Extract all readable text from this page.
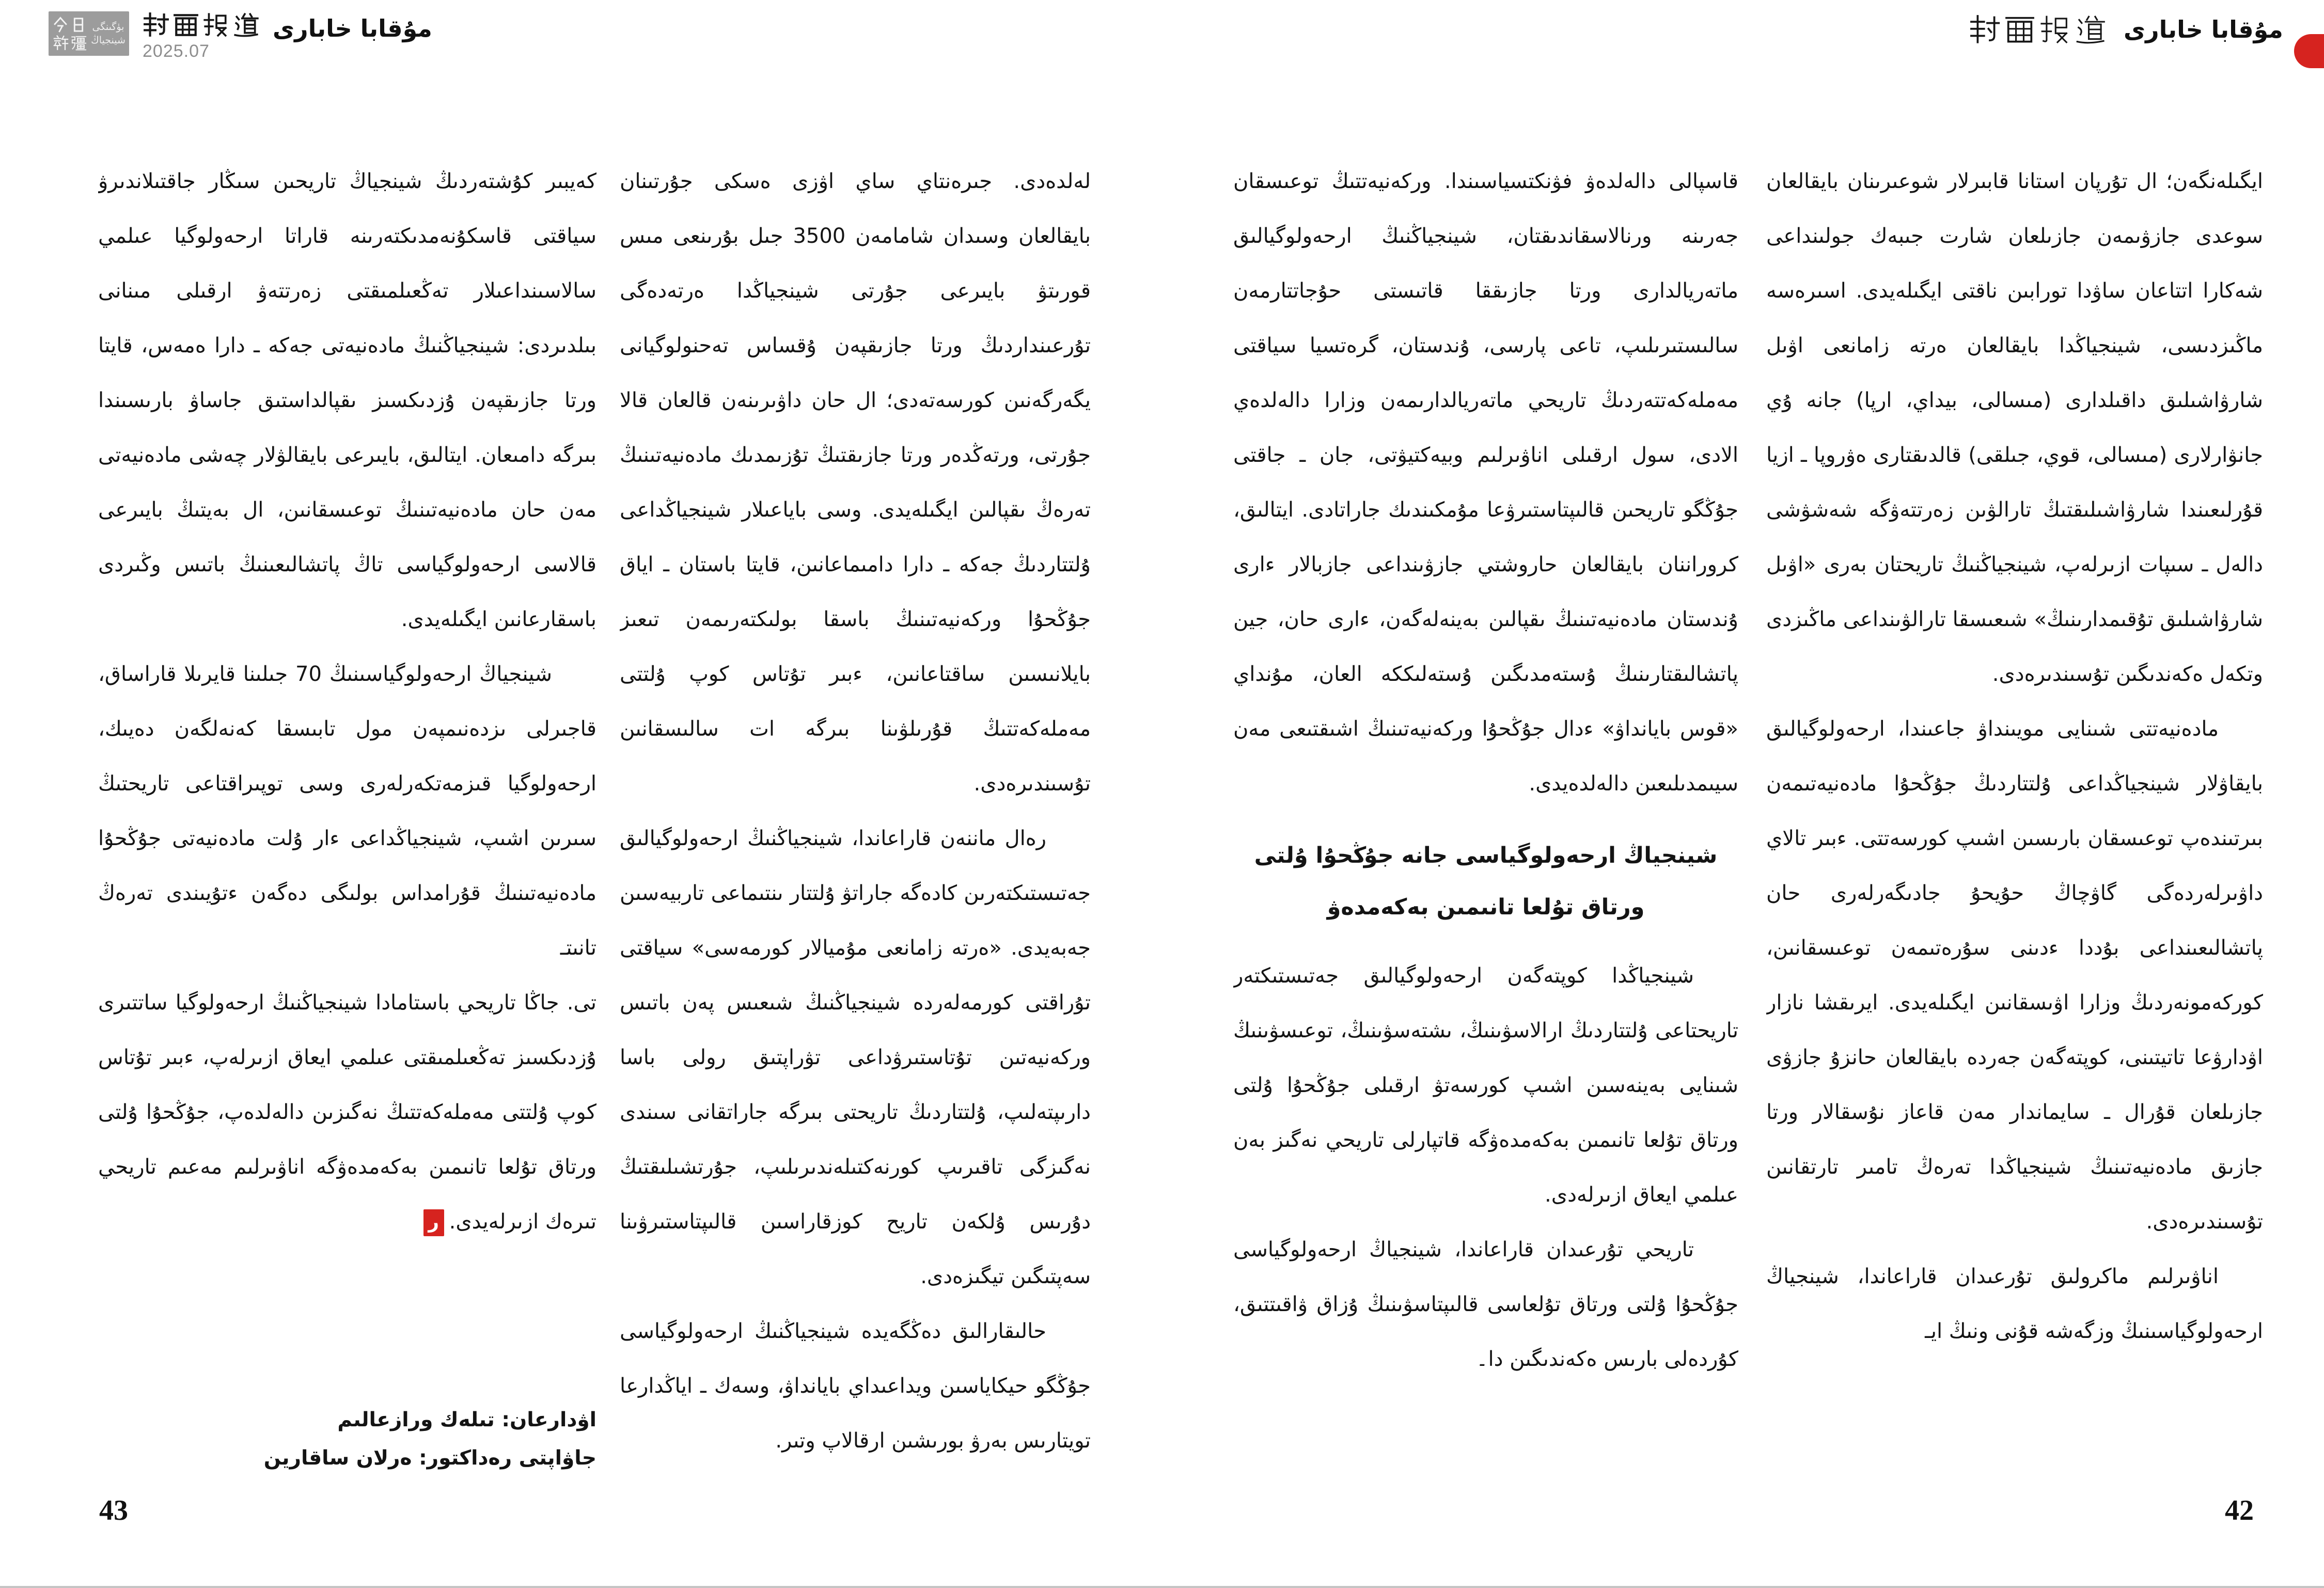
بۈگىنگى
شينجياڭ
2025.07
مۇقابا خابارى	مۇقابا خابارى

ايگىلەنگەن؛ ال تۇرپان استانا قابىرلار شوعىرىنان بايقالعان سوعدى جازۋىمەن جازىلعان شارت جىبەك جولىنداعى شەكارا اتتاعان ساۋدا تورابىن ناقتى ايگىلەيدى. اسىرەسە ماڭىزدىسى، شينجياڭدا بايقالعان ەرتە زامانعى اۋىل شارۋاشىلىق داقىلدارى (مىسالى، بيداي، ارپا) جانە ۇي جانۋارلارى (مىسالى، قوي، جىلقى) قالدىقتارى ەۋروپا ـ ازيا قۇرلىعىندا شارۋاشىلىقتىڭ تارالۋىن زەرتتەۋگە شەشۋشى دالەل ـ سىپات ازىرلەپ، شينجياڭنىڭ تاريحتان بەرى «اۋىل شارۋاشىلىق تۇقىمدارىنىڭ» شىعىسقا تارالۋىنداعى ماڭىزدى وتكەل ەكەندىگىن تۇسىندىرەدى.

مادەنيەتتى شىنايى مويىنداۋ جاعىندا، ارحەولوگيالىق بايقاۋلار شينجياڭداعى ۇلتتاردىڭ جۇڭحۇا مادەنيەتىمەن بىرتىندەپ توعىسقان بارىسىن اشىپ كورسەتتى. ءبىر تالاي داۋىرلەردەگى گاۋچاڭ حۇيحۇ جادىگەرلەرى حان پاتشالىعىنداعى بۇددا ءدىنى سۇرەتىمەن توعىسقانىن، كوركەمونەردىڭ وزارا اۋىسقانىن ايگىلەيدى. ايرىقشا نازار اۋدارۋعا تاتيتىنى، كوپتەگەن جەردە بايقالعان حانزۇ جازۋى جازىلعان قۇرال ـ سايماندار مەن قاعاز نۇسقالار ورتا جازىق مادەنيەتىنىڭ شينجياڭدا تەرەڭ تامىر تارتقانىن تۇسىندىرەدى.

اناۋىرلىم ماكرولىق تۇرعىدان قاراعاندا، شينجياڭ ارحەولوگياسىنىڭ وزگەشە قۇنى ونىڭ ايـ

قاسپالى دالەلدەۋ فۋنكتسياسىندا. وركەنيەتتىڭ توعىسقان جەرىنە ورنالاسقاندىقتان، شينجياڭنىڭ ارحەولوگيالىق ماتەريالدارى ورتا جازىققا قاتىستى حۇجاتتارمەن سالىستىرىلىپ، تاعى پارسى، ۇندستان، گرەتسيا سياقتى مەملەكەتتەردىڭ تاريحي ماتەريالدارىمەن وزارا دالەلدەي الادى، سول ارقىلى اناۋىرلىم وبيەكتيۋتى، جان ـ جاقتى جۇڭگو تاريحىن قالىپتاستىرۋعا مۇمكىندىك جاراتادى. ايتالىق، كروراننان بايقالعان حاروشتي جازۋىنداعى جازبالار ءارى ۇندستان مادەنيەتىنىڭ ىقپالىن بەينەلەگەن، ءارى حان، جين پاتشالىقتارىنىڭ ۇستەمدىگىن ۇستەلىككە العان، مۇنداي «قوس بايانداۋ» ءدال جۇڭحۇا وركەنيەتىنىڭ اشىقتىعى مەن سيىمدىلىعىن دالەلدەيدى.

شينجياڭ ارحەولوگياسى جانە جۇڭحۇا ۇلتى
ورتاق تۇلعا تانىمىن بەكەمدەۋ

شينجياڭدا كوپتەگەن ارحەولوگيالىق جەتىستىكتەر تاريحتاعى ۇلتتاردىڭ ارالاسۋىنىڭ، ىشتەسۋىنىڭ، توعىسۋىنىڭ شىنايى بەينەسىن اشىپ كورسەتۋ ارقىلى جۇڭحۇا ۇلتى ورتاق تۇلعا تانىمىن بەكەمدەۋگە قاتپارلى تاريحي نەگىز بەن عىلمي ايعاق ازىرلەدى.

تاريحي تۇرعىدان قاراعاندا، شينجياڭ ارحەولوگياسى جۇڭحۇا ۇلتى ورتاق تۇلعاسى قالىپتاسۋىنىڭ ۇزاق ۋاقىتتىق، كۇردەلى بارىس ەكەندىگىن دا۔

لەلدەدى. جىرەنتاي ساي اۋزى ەسكى جۇرتىنان بايقالعان وسىدان شامامەن 3500 جىل بۇرىنعى مىس قورىتۋ بايىرعى جۇرتى شينجياڭدا ەرتەدەگى تۇرعىنداردىڭ ورتا جازىقپەن ۇقساس تەحنولوگيانى يگەرگەنىن كورسەتەدى؛ ال حان داۋىرىنەن قالعان قالا جۇرتى، ورتەڭدەر ورتا جازىقتىڭ تۇزىمدىك مادەنيەتىنىڭ تەرەڭ ىقپالىن ايگىلەيدى. وسى باياعىلار شينجياڭداعى ۇلتتاردىڭ جەكە ـ دارا دامىماعانىن، قايتا باستان ـ اياق جۇڭحۇا وركەنيەتىنىڭ باسقا بولىكتەرىمەن تىعىز بايلانىسىن ساقتاعانىن، ءبىر تۇتاس كوپ ۇلتتى مەملەكەتتىڭ قۇرىلۋىنا بىرگە ات سالىسقانىن تۇسىندىرەدى.

رەال ماننەن قاراعاندا، شينجياڭنىڭ ارحەولوگيالىق جەتىستىكتەرىن كادەگە جاراتۋ ۇلتتار ىنتىماعى تاربيەسىن جەبەيدى. «ەرتە زامانعى مۇميالار كورمەسى» سياقتى تۇراقتى كورمەلەردە شينجياڭنىڭ شىعىس پەن باتىس وركەنيەتىن تۇتاستىرۋداعى تۋراپتىق رولى باسا دارىپتەلىپ، ۇلتتاردىڭ تاريحتى بىرگە جاراتقانى سىندى نەگىزگى تاقىرىپ كورنەكتىلەندىرىلىپ، جۇرتشىلىقتىڭ دۇرىس ۇلكەن تاريح كوزقاراسىن قالىپتاستىرۋىنا سەپتىگىن تيگىزەدى.

حالىقارالىق دەڭگەيدە شينجياڭنىڭ ارحەولوگياسى جۇڭگو حيكاياسىن ويداعىداي بايانداۋ، وسەك ـ اياڭدارعا تويتارىس بەرۋ بورىشىن ارقالاپ وتىر.

كەيبىر كۇشتەردىڭ شينجياڭ تاريحىن سىڭار جاقتىلاندىرۋ سياقتى قاسكۇنەمدىكتەرىنە قاراتا ارحەولوگيا عىلمي سالاسىنداعىلار تەڭعىلمىقتى زەرتتەۋ ارقىلى مىنانى بىلدىردى: شينجياڭنىڭ مادەنيەتى جەكە ـ دارا ەمەس، قايتا ورتا جازىقپەن ۇزدىكسىز ىقپالداستىق جاساۋ بارىسىندا بىرگە دامىعان. ايتالىق، بايىرعى بايقالۋلار چەشى مادەنيەتى مەن حان مادەنيەتىنىڭ توعىسقانىن، ال بەيتىڭ بايىرعى قالاسى ارحەولوگياسى تاڭ پاتشالىعىنىڭ باتىس وڭىردى باسقارعانىن ايگىلەيدى.

شينجياڭ ارحەولوگياسىنىڭ 70 جىلىنا قايرىلا قاراساق، قاجىرلى ىزدەنىمپەن مول تابىسقا كەنەلگەن دەيىك، ارحەولوگيا قىزمەتكەرلەرى وسى توپىراقتاعى تاريحتىڭ سىرىن اشىپ، شينجياڭداعى ءار ۇلت مادەنيەتى جۇڭحۇا مادەنيەتىنىڭ قۇرامداس بولىگى دەگەن ءتۇيىندى تەرەڭ تانىتـ

تى. جاڭا تاريحي باستامادا شينجياڭنىڭ ارحەولوگيا ساتتىرى ۇزدىكسىز تەڭعىلمىقتى عىلمي ايعاق ازىرلەپ، ءبىر تۇتاس كوپ ۇلتتى مەملەكەتتىڭ نەگىزىن دالەلدەپ، جۇڭحۇا ۇلتى ورتاق تۇلعا تانىمىن بەكەمدەۋگە اناۋىرلىم مەعىم تاريحي تىرەك ازىرلەيدى.ر

اۋدارعان: تىلەك ورازعالىم
جاۋاپتى رەداكتور: ەرلان ساقارين
43	42
